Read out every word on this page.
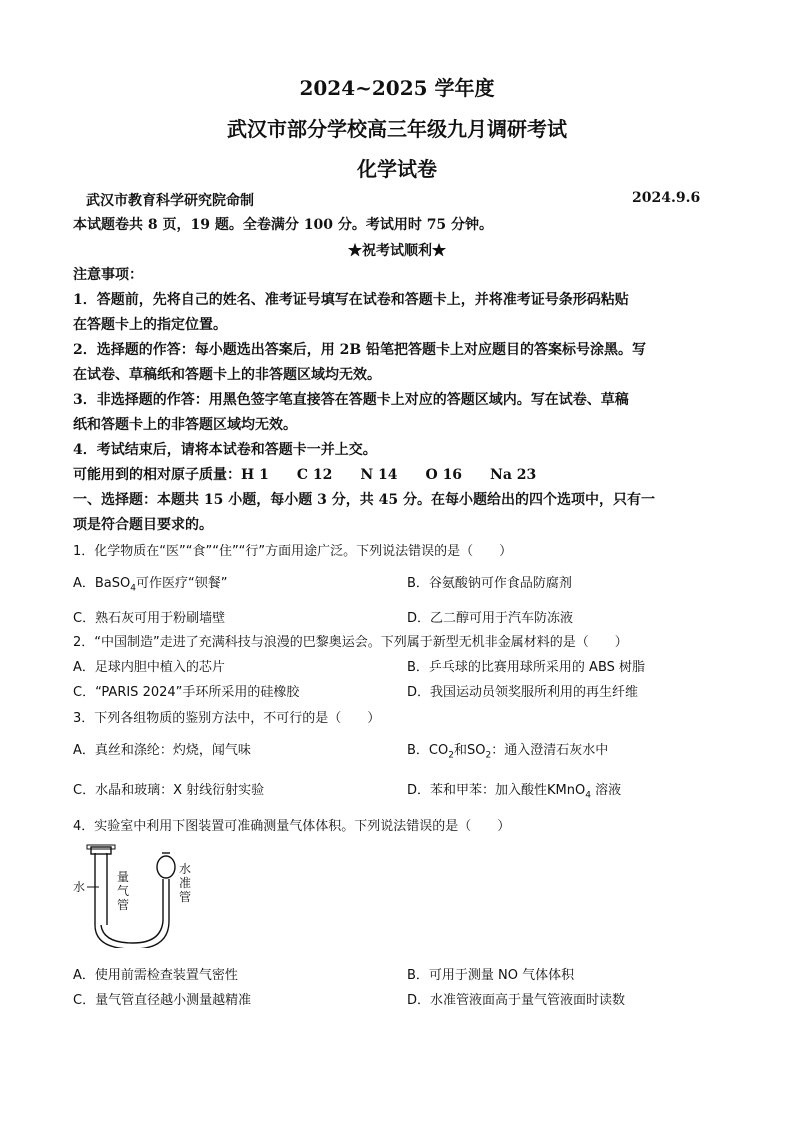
2024~2025 学年度
武汉市部分学校高三年级九月调研考试
化学试卷
武汉市教育科学研究院命制	2024.9.6
本试题卷共 8 页，19 题。全卷满分 100 分。考试用时 75 分钟。
★祝考试顺利★
注意事项：
1．答题前，先将自己的姓名、准考证号填写在试卷和答题卡上，并将准考证号条形码粘贴
在答题卡上的指定位置。
2．选择题的作答：每小题选出答案后，用 2B 铅笔把答题卡上对应题目的答案标号涂黑。写
在试卷、草稿纸和答题卡上的非答题区域均无效。
3．非选择题的作答：用黑色签字笔直接答在答题卡上对应的答题区域内。写在试卷、草稿
纸和答题卡上的非答题区域均无效。
4．考试结束后，请将本试卷和答题卡一并上交。
可能用到的相对原子质量：H 1　　C 12　　N 14　　O 16　　Na 23
一、选择题：本题共 15 小题，每小题 3 分，共 45 分。在每小题给出的四个选项中，只有一
项是符合题目要求的。
1．化学物质在“医”“食”“住”“行”方面用途广泛。下列说法错误的是（　　）
A．BaSO$_4$可作医疗“钡餐”	B．谷氨酸钠可作食品防腐剂
C．熟石灰可用于粉刷墙壁	D．乙二醇可用于汽车防冻液
2．“中国制造”走进了充满科技与浪漫的巴黎奥运会。下列属于新型无机非金属材料的是（　　）
A．足球内胆中植入的芯片	B．乒乓球的比赛用球所采用的 ABS 树脂
C．“PARIS 2024”手环所采用的硅橡胶	D．我国运动员领奖服所利用的再生纤维
3．下列各组物质的鉴别方法中，不可行的是（　　）
A．真丝和涤纶：灼烧，闻气味	B．$CO_2$和$SO_2$：通入澄清石灰水中
C．水晶和玻璃：X 射线衍射实验	D．苯和甲苯：加入酸性KMnO$_4$ 溶液
4．实验室中利用下图装置可准确测量气体体积。下列说法错误的是（　　）
水
量气管
水准管
A．使用前需检查装置气密性	B．可用于测量 NO 气体体积
C．量气管直径越小测量越精准	D．水准管液面高于量气管液面时读数
